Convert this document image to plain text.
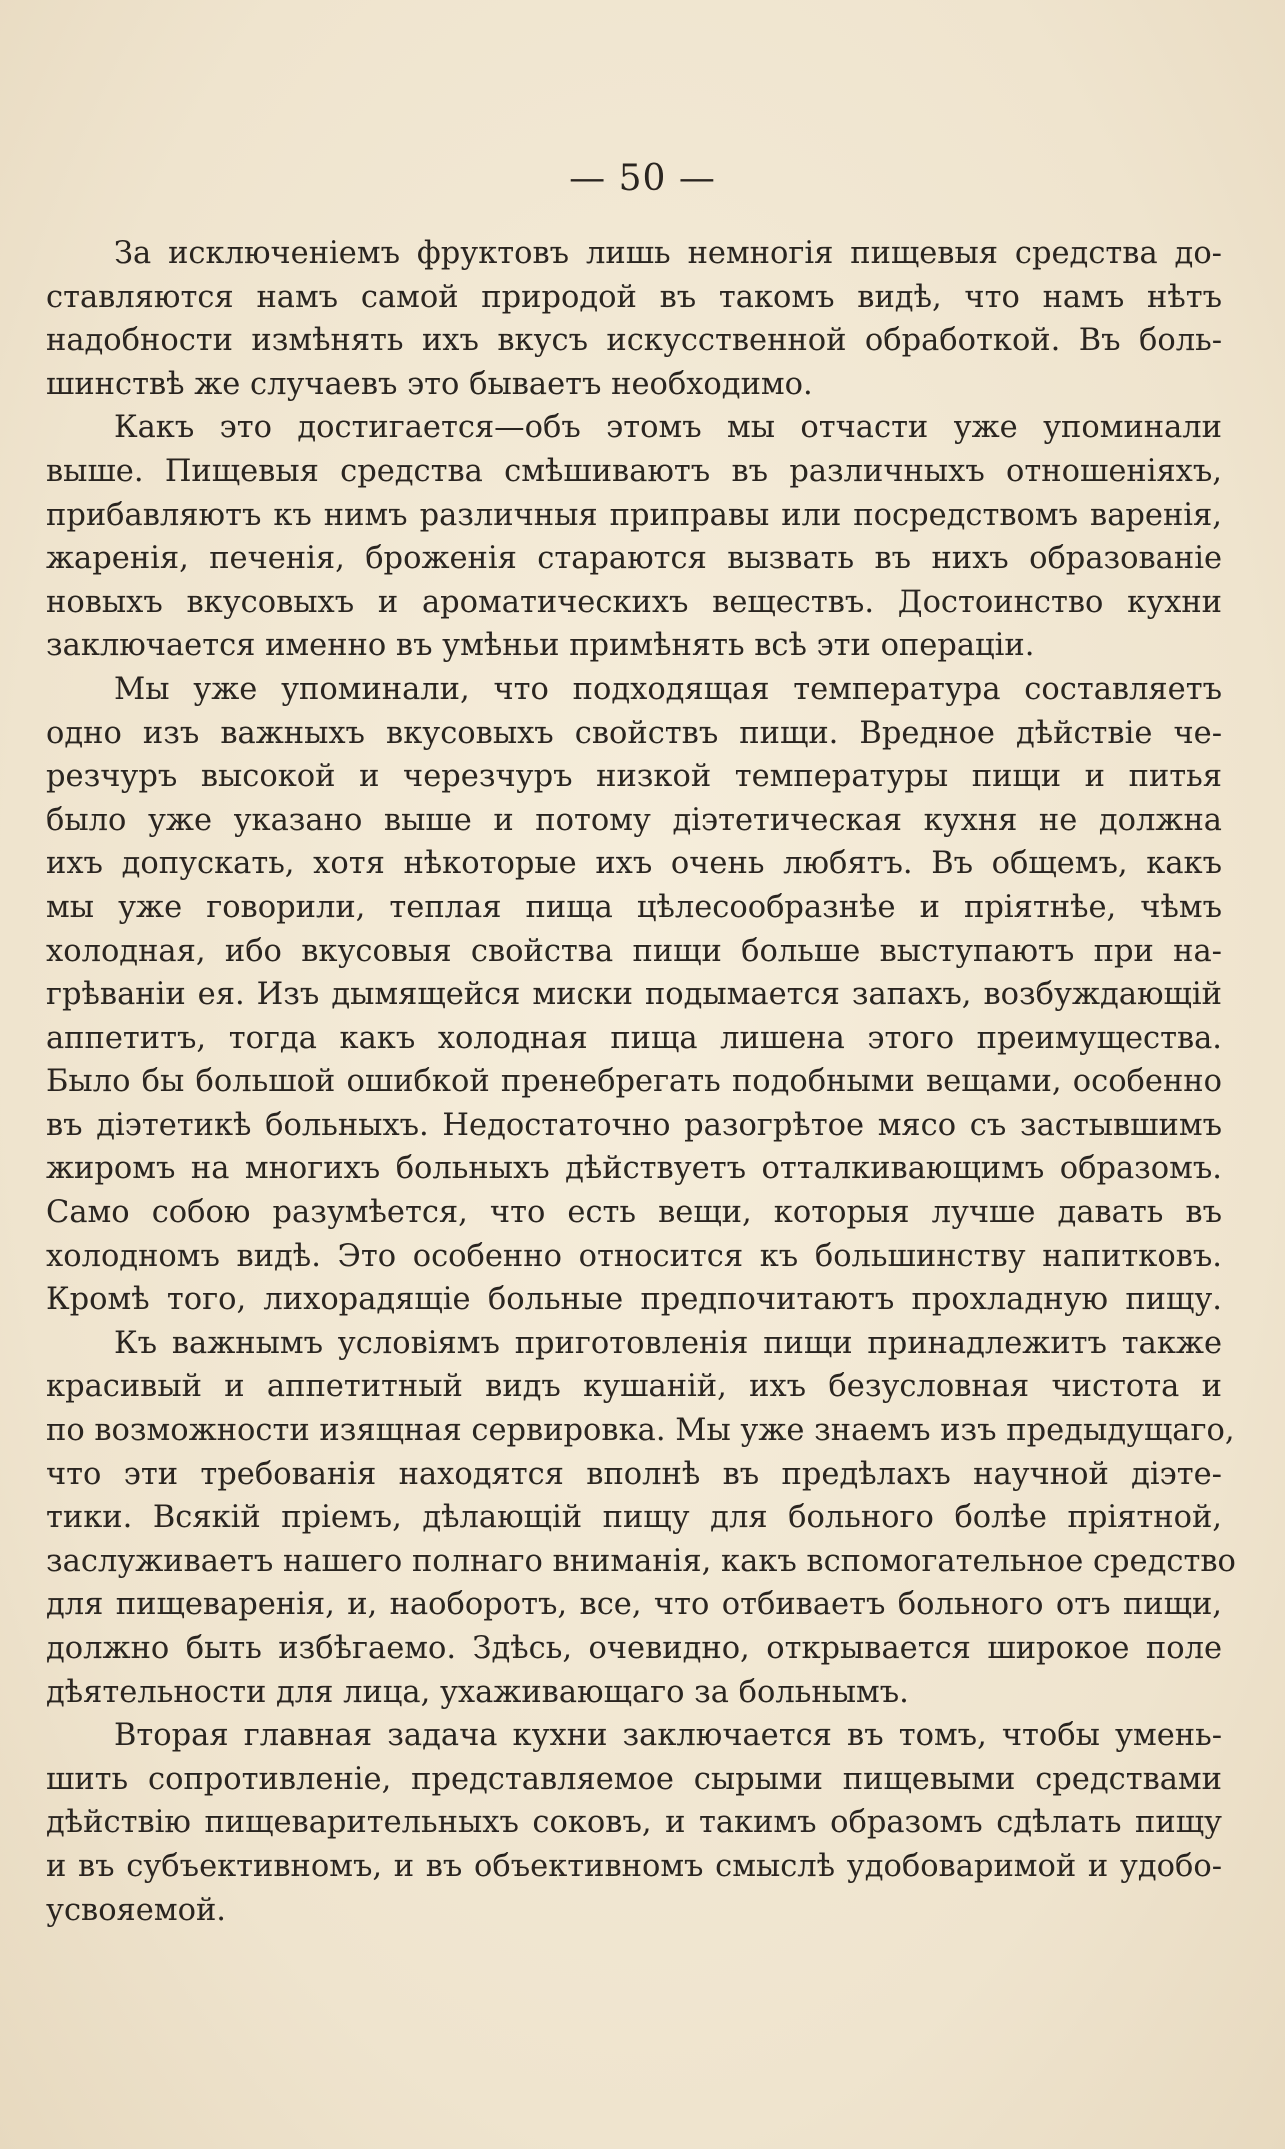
— 50 —

За исключеніемъ фруктовъ лишь немногія пищевыя средства до-
ставляются намъ самой природой въ такомъ видѣ, что намъ нѣтъ
надобности измѣнять ихъ вкусъ искусственной обработкой. Въ боль-
шинствѣ же случаевъ это бываетъ необходимо.

Какъ это достигается—объ этомъ мы отчасти уже упоминали
выше. Пищевыя средства смѣшиваютъ въ различныхъ отношеніяхъ,
прибавляютъ къ нимъ различныя приправы или посредствомъ варенія,
жаренія, печенія, броженія стараются вызвать въ нихъ образованіе
новыхъ вкусовыхъ и ароматическихъ веществъ. Достоинство кухни
заключается именно въ умѣньи примѣнять всѣ эти операціи.

Мы уже упоминали, что подходящая температура составляетъ
одно изъ важныхъ вкусовыхъ свойствъ пищи. Вредное дѣйствіе че-
резчуръ высокой и черезчуръ низкой температуры пищи и питья
было уже указано выше и потому діэтетическая кухня не должна
ихъ допускать, хотя нѣкоторые ихъ очень любятъ. Въ общемъ, какъ
мы уже говорили, теплая пища цѣлесообразнѣе и пріятнѣе, чѣмъ
холодная, ибо вкусовыя свойства пищи больше выступаютъ при на-
грѣваніи ея. Изъ дымящейся миски подымается запахъ, возбуждающій
аппетитъ, тогда какъ холодная пища лишена этого преимущества.
Было бы большой ошибкой пренебрегать подобными вещами, особенно
въ діэтетикѣ больныхъ. Недостаточно разогрѣтое мясо съ застывшимъ
жиромъ на многихъ больныхъ дѣйствуетъ отталкивающимъ образомъ.
Само собою разумѣется, что есть вещи, которыя лучше давать въ
холодномъ видѣ. Это особенно относится къ большинству напитковъ.
Кромѣ того, лихорадящіе больные предпочитаютъ прохладную пищу.

Къ важнымъ условіямъ приготовленія пищи принадлежитъ также
красивый и аппетитный видъ кушаній, ихъ безусловная чистота и
по возможности изящная сервировка. Мы уже знаемъ изъ предыдущаго,
что эти требованія находятся вполнѣ въ предѣлахъ научной діэте-
тики. Всякій пріемъ, дѣлающій пищу для больного болѣе пріятной,
заслуживаетъ нашего полнаго вниманія, какъ вспомогательное средство
для пищеваренія, и, наоборотъ, все, что отбиваетъ больного отъ пищи,
должно быть избѣгаемо. Здѣсь, очевидно, открывается широкое поле
дѣятельности для лица, ухаживающаго за больнымъ.

Вторая главная задача кухни заключается въ томъ, чтобы умень-
шить сопротивленіе, представляемое сырыми пищевыми средствами
дѣйствію пищеварительныхъ соковъ, и такимъ образомъ сдѣлать пищу
и въ субъективномъ, и въ объективномъ смыслѣ удобоваримой и удобо-
усвояемой.
